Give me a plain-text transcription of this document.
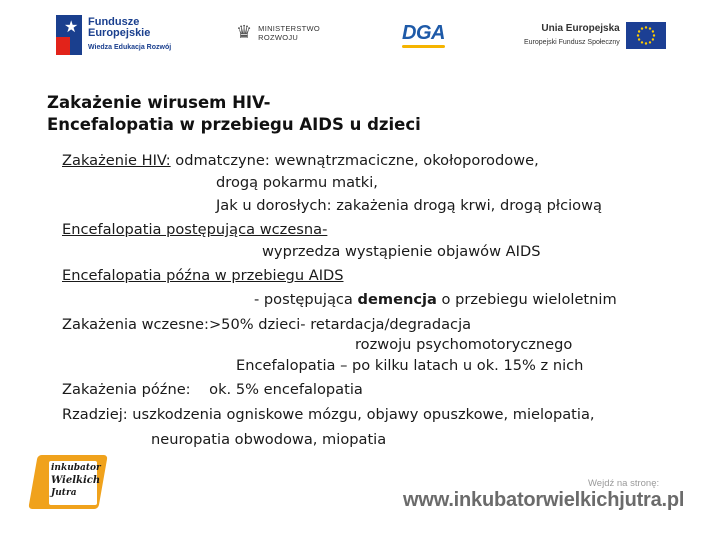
★ Fundusze
Europejskie
Wiedza Edukacja Rozwój
♛ MINISTERSTWO
ROZWOJU	DGA	Unia Europejska
Europejski Fundusz Społeczny
Zakażenie wirusem HIV-
Encefalopatia w przebiegu AIDS u dzieci
Zakażenie HIV: odmatczyne: wewnątrzmaciczne, okołoporodowe,
drogą pokarmu matki,
Jak u dorosłych: zakażenia drogą krwi, drogą płciową
Encefalopatia postępująca wczesna-
wyprzedza wystąpienie objawów AIDS
Encefalopatia późna w przebiegu AIDS
- postępująca demencja o przebiegu wieloletnim
Zakażenia wczesne:>50% dzieci- retardacja/degradacja
rozwoju psychomotorycznego
Encefalopatia – po kilku latach u ok. 15% z nich
Zakażenia późne:    ok. 5% encefalopatia
Rzadziej: uszkodzenia ogniskowe mózgu, objawy opuszkowe, mielopatia,
neuropatia obwodowa, miopatia
inkubator
Wielkich
Jutra
Wejdź na stronę:
www.inkubatorwielkichjutra.pl
